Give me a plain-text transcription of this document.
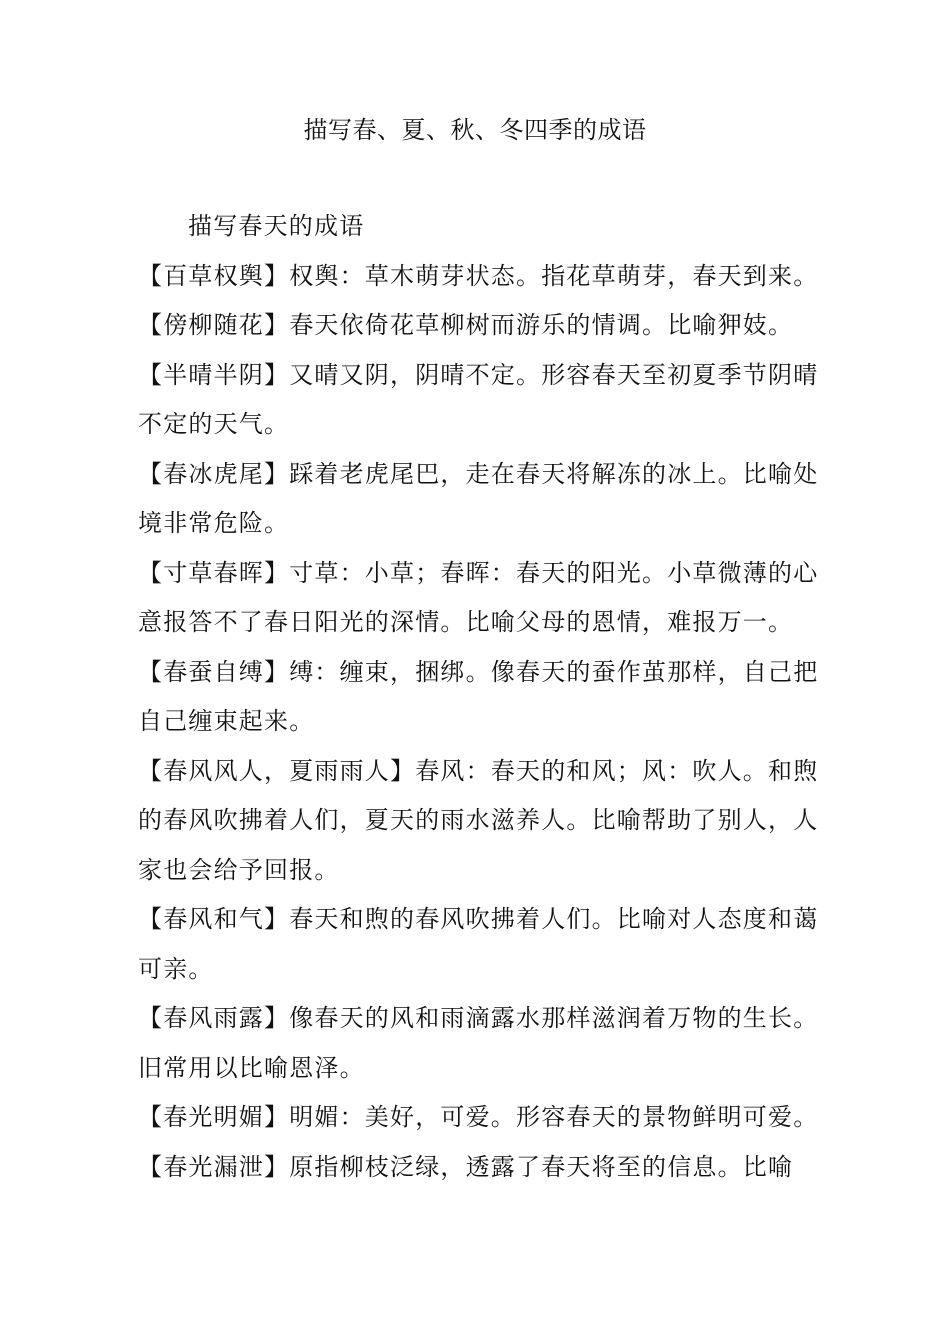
描写春、夏、秋、冬四季的成语

描写春天的成语

【百草权舆】权舆：草木萌芽状态。指花草萌芽，春天到来。

【傍柳随花】春天依倚花草柳树而游乐的情调。比喻狎妓。

【半晴半阴】又晴又阴，阴晴不定。形容春天至初夏季节阴晴不定的天气。

【春冰虎尾】踩着老虎尾巴，走在春天将解冻的冰上。比喻处境非常危险。

【寸草春晖】寸草：小草；春晖：春天的阳光。小草微薄的心意报答不了春日阳光的深情。比喻父母的恩情，难报万一。

【春蚕自缚】缚：缠束，捆绑。像春天的蚕作茧那样，自己把自己缠束起来。

【春风风人，夏雨雨人】春风：春天的和风；风：吹人。和煦的春风吹拂着人们，夏天的雨水滋养人。比喻帮助了别人，人家也会给予回报。

【春风和气】春天和煦的春风吹拂着人们。比喻对人态度和蔼可亲。

【春风雨露】像春天的风和雨滴露水那样滋润着万物的生长。旧常用以比喻恩泽。

【春光明媚】明媚：美好，可爱。形容春天的景物鲜明可爱。

【春光漏泄】原指柳枝泛绿，透露了春天将至的信息。比喻
